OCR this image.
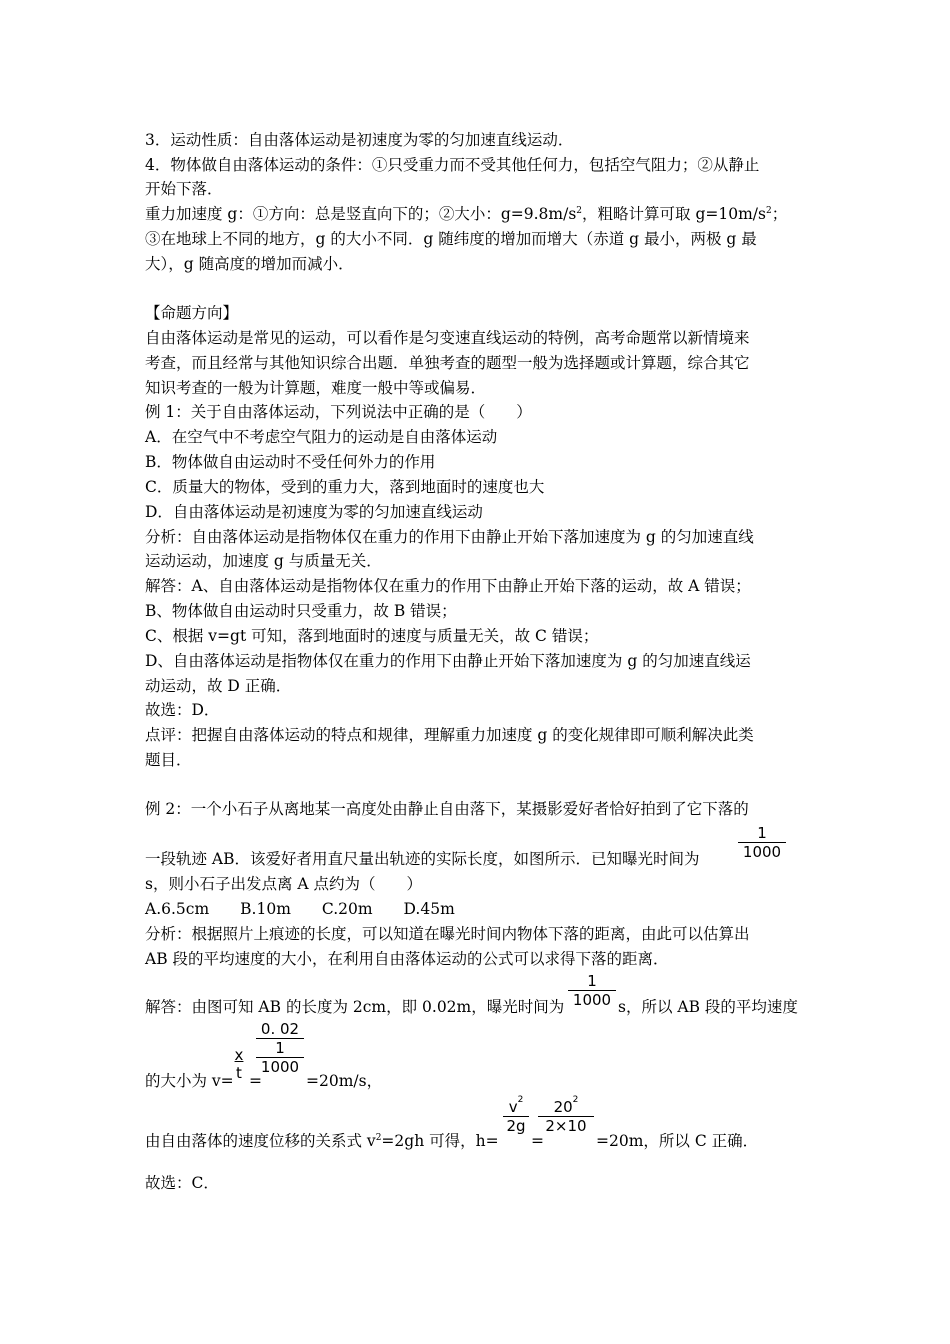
3．运动性质：自由落体运动是初速度为零的匀加速直线运动．
4．物体做自由落体运动的条件：①只受重力而不受其他任何力，包括空气阻力；②从静止
开始下落．
重力加速度 g：①方向：总是竖直向下的；②大小：$g=9.8m/s^2$，粗略计算可取 $g=10m/s^2$；
③在地球上不同的地方，g 的大小不同．g 随纬度的增加而增大（赤道 g 最小，两极 g 最
大），g 随高度的增加而减小．
【命题方向】
自由落体运动是常见的运动，可以看作是匀变速直线运动的特例，高考命题常以新情境来
考查，而且经常与其他知识综合出题．单独考查的题型一般为选择题或计算题，综合其它
知识考查的一般为计算题，难度一般中等或偏易．
例 1：关于自由落体运动，下列说法中正确的是（　　）
A．在空气中不考虑空气阻力的运动是自由落体运动
B．物体做自由运动时不受任何外力的作用
C．质量大的物体，受到的重力大，落到地面时的速度也大
D．自由落体运动是初速度为零的匀加速直线运动
分析：自由落体运动是指物体仅在重力的作用下由静止开始下落加速度为 g 的匀加速直线
运动运动，加速度 g 与质量无关．
解答：A、自由落体运动是指物体仅在重力的作用下由静止开始下落的运动，故 A 错误；
B、物体做自由运动时只受重力，故 B 错误；
C、根据 v=gt 可知，落到地面时的速度与质量无关，故 C 错误；
D、自由落体运动是指物体仅在重力的作用下由静止开始下落加速度为 g 的匀加速直线运
动运动，故 D 正确．
故选：D．
点评：把握自由落体运动的特点和规律，理解重力加速度 g 的变化规律即可顺利解决此类
题目．
例 2：一个小石子从离地某一高度处由静止自由落下，某摄影爱好者恰好拍到了它下落的
$\frac{1}{1000}$
一段轨迹 AB．该爱好者用直尺量出轨迹的实际长度，如图所示．已知曝光时间为
s，则小石子出发点离 A 点约为（　　）
A.6.5cm　　B.10m　　C.20m　　D.45m
分析：根据照片上痕迹的长度，可以知道在曝光时间内物体下落的距离，由此可以估算出
AB 段的平均速度的大小，在利用自由落体运动的公式可以求得下落的距离．
解答：由图可知 AB 的长度为 2cm，即 0.02m，曝光时间为 $\frac{1}{1000}$ s，所以 AB 段的平均速度
的大小为 v=
$\frac{x}{t}$ =
0. 02
1
1000
=20m/s，
由自由落体的速度位移的关系式 $v^2=2gh$ 可得，h=
$\frac{v^2}{2g}$
=
$\frac{20^2}{2\times 10}$
=20m，所以 C 正确．
故选：C．
